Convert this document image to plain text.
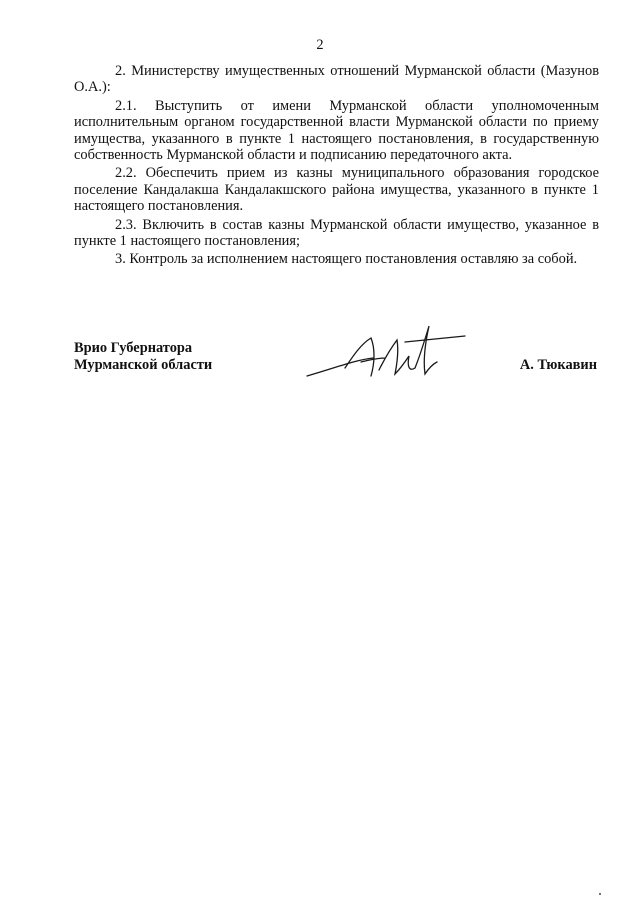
2

2. Министерству имущественных отношений Мурманской области (Мазунов О.А.):

2.1. Выступить от имени Мурманской области уполномоченным исполнительным органом государственной власти Мурманской области по приему имущества, указанного в пункте 1 настоящего постановления, в государственную собственность Мурманской области и подписанию передаточного акта.

2.2. Обеспечить прием из казны муниципального образования городское поселение Кандалакша Кандалакшского района имущества, указанного в пункте 1 настоящего постановления.

2.3. Включить в состав казны Мурманской области имущество, указанное в пункте 1 настоящего постановления;

3. Контроль за исполнением настоящего постановления оставляю за собой.

Врио Губернатора
Мурманской области	А. Тюкавин
